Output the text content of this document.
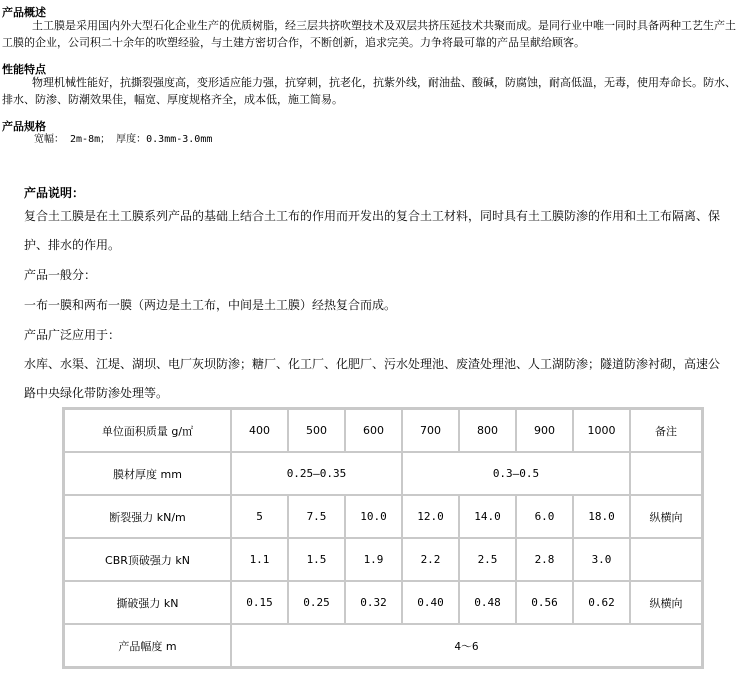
产品概述
土工膜是采用国内外大型石化企业生产的优质树脂，经三层共挤吹塑技术及双层共挤压延技术共聚而成。是同行业中唯一同时具备两种工艺生产土工膜的企业，公司积二十余年的吹塑经验，与土建方密切合作，不断创新，追求完美。力争将最可靠的产品呈献给顾客。
性能特点
物理机械性能好，抗撕裂强度高，变形适应能力强，抗穿刺，抗老化，抗紫外线，耐油盐、酸碱，防腐蚀，耐高低温，无毒，使用寿命长。防水、排水、防渗、防潮效果佳，幅宽、厚度规格齐全，成本低，施工简易。
产品规格
宽幅： 2m-8m； 厚度：0.3mm-3.0mm
产品说明：
复合土工膜是在土工膜系列产品的基础上结合土工布的作用而开发出的复合土工材料，同时具有土工膜防渗的作用和土工布隔离、保
护、排水的作用。
产品一般分：
一布一膜和两布一膜（两边是土工布，中间是土工膜）经热复合而成。
产品广泛应用于：
水库、水渠、江堤、湖坝、电厂灰坝防渗；糖厂、化工厂、化肥厂、污水处理池、废渣处理池、人工湖防渗；隧道防渗衬砌，高速公
路中央绿化带防渗处理等。
单位面积质量 g/㎡	400	500	600	700	800	900	1000	备注
膜材厚度 mm	0.25—0.35			0.3—0.5				
断裂强力 kN/m	5	7.5	10.0	12.0	14.0	6.0	18.0	纵横向
CBR顶破强力 kN	1.1	1.5	1.9	2.2	2.5	2.8	3.0	
撕破强力 kN	0.15	0.25	0.32	0.40	0.48	0.56	0.62	纵横向
产品幅度 m	4～6							
